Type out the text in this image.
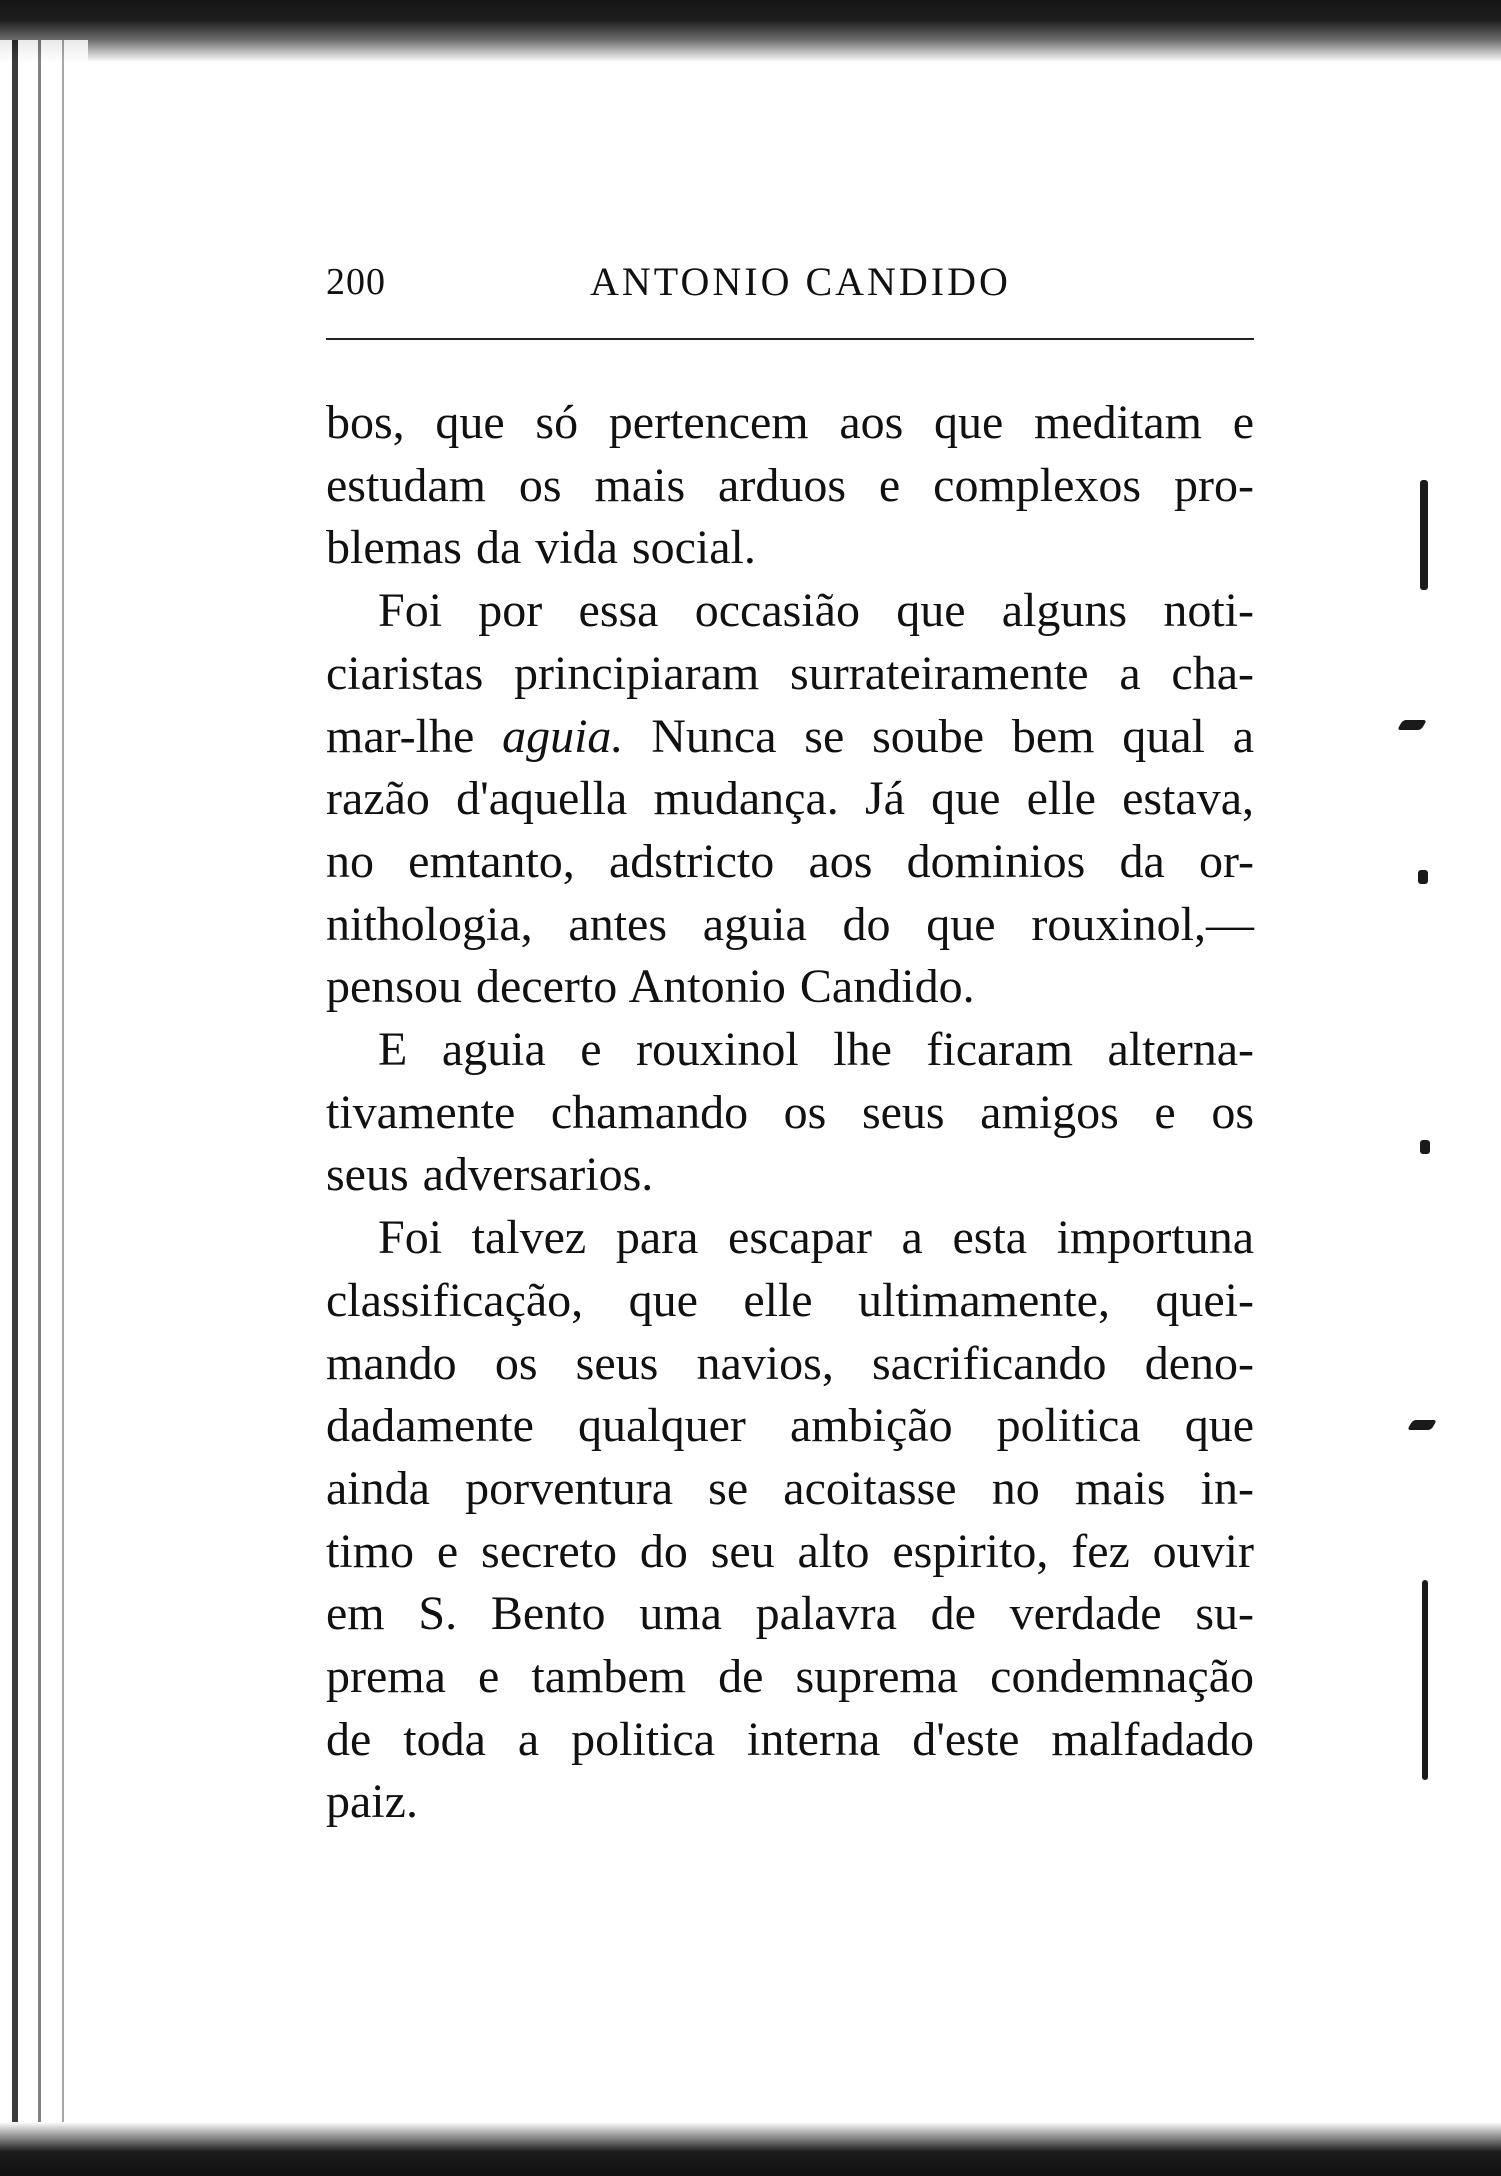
200	ANTONIO CANDIDO

bos, que só pertencem aos que meditam e
estudam os mais arduos e complexos pro-
blemas da vida social.

Foi por essa occasião que alguns noti-
ciaristas principiaram surrateiramente a cha-
mar-lhe aguia. Nunca se soube bem qual a
razão d'aquella mudança. Já que elle estava,
no emtanto, adstricto aos dominios da or-
nithologia, antes aguia do que rouxinol,—
pensou decerto Antonio Candido.

E aguia e rouxinol lhe ficaram alterna-
tivamente chamando os seus amigos e os
seus adversarios.

Foi talvez para escapar a esta importuna
classificação, que elle ultimamente, quei-
mando os seus navios, sacrificando deno-
dadamente qualquer ambição politica que
ainda porventura se acoitasse no mais in-
timo e secreto do seu alto espirito, fez ouvir
em S. Bento uma palavra de verdade su-
prema e tambem de suprema condemnação
de toda a politica interna d'este malfadado
paiz.
